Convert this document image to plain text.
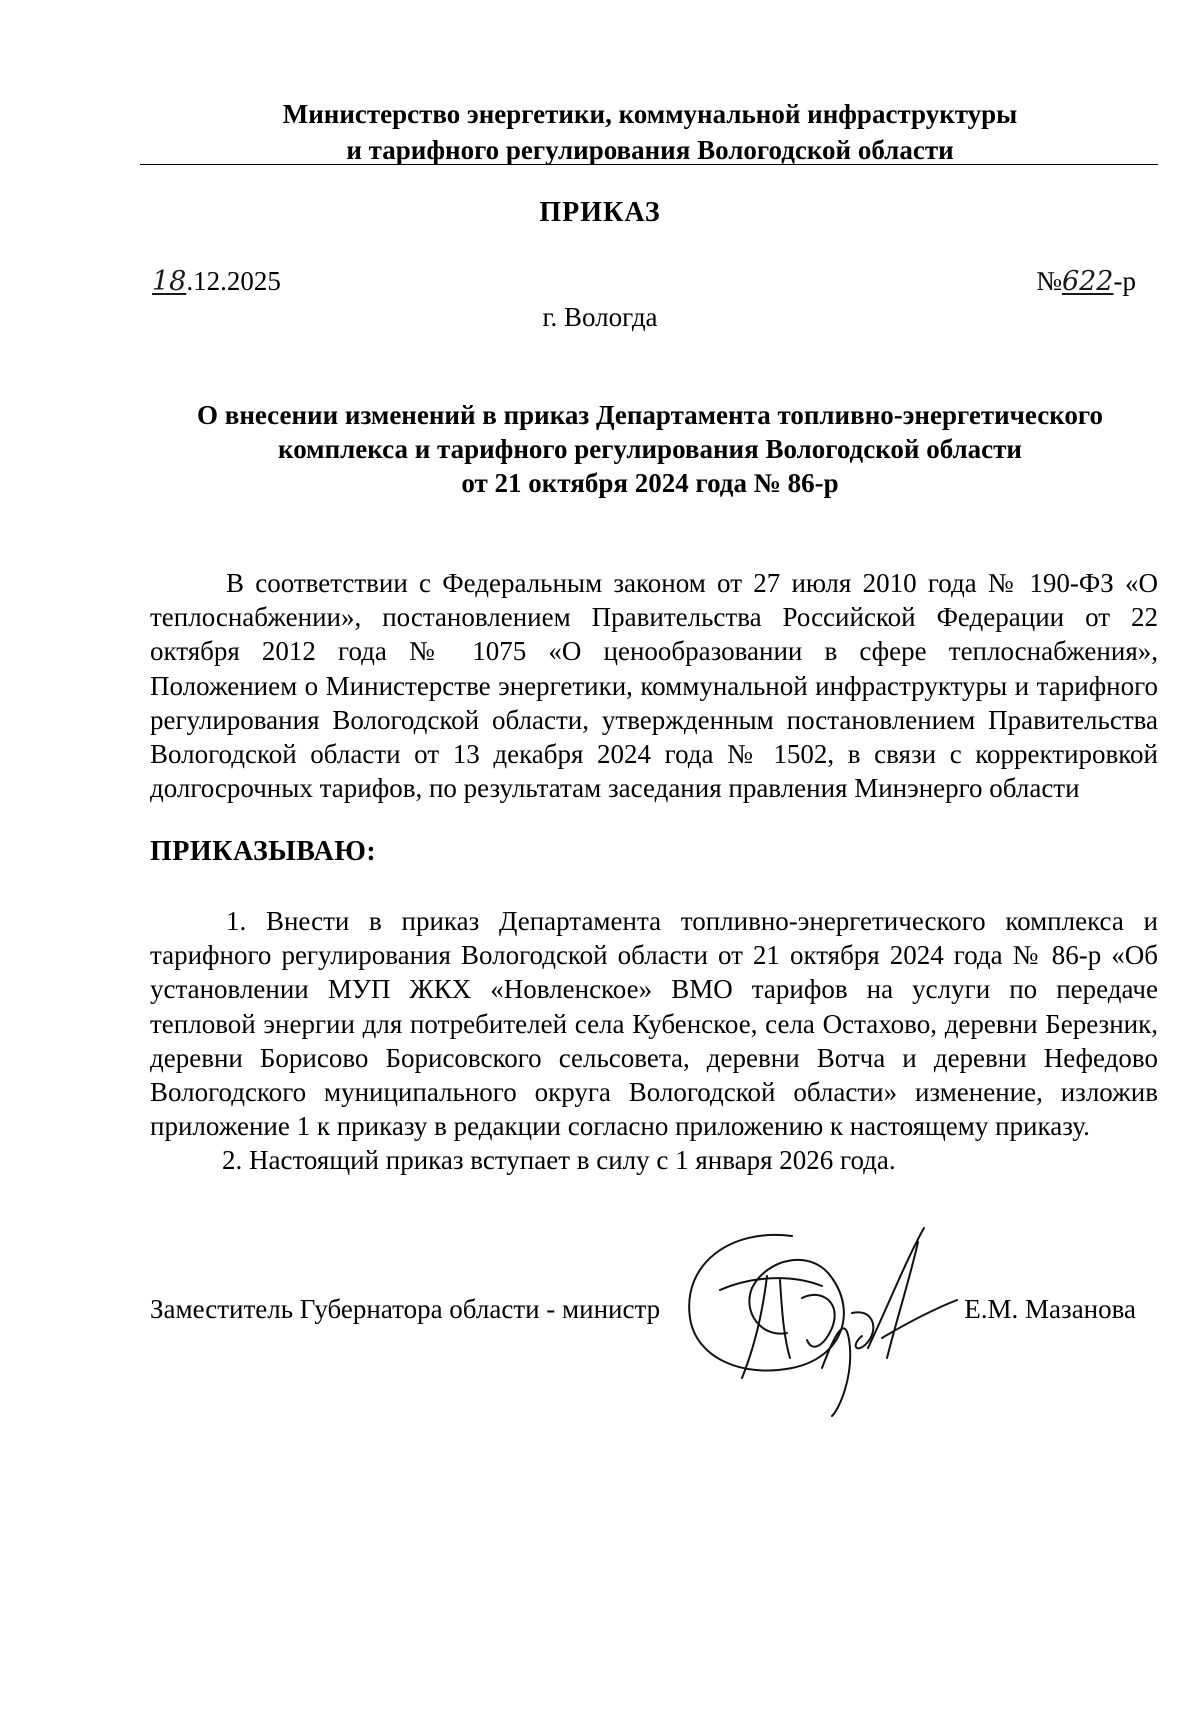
Министерство энергетики, коммунальной инфраструктуры
и тарифного регулирования Вологодской области
ПРИКАЗ
18.12.2025	№622-р
г. Вологда
О внесении изменений в приказ Департамента топливно-энергетического
комплекса и тарифного регулирования Вологодской области
от 21 октября 2024 года № 86-р

В соответствии с Федеральным законом от 27 июля 2010 года № 190-ФЗ «О теплоснабжении», постановлением Правительства Российской Федерации от 22 октября 2012 года № 1075 «О ценообразовании в сфере теплоснабжения», Положением о Министерстве энергетики, коммунальной инфраструктуры и тарифного регулирования Вологодской области, утвержденным постановлением Правительства Вологодской области от 13 декабря 2024 года № 1502, в связи с корректировкой долгосрочных тарифов, по результатам заседания правления Минэнерго области

ПРИКАЗЫВАЮ:

1. Внести в приказ Департамента топливно-энергетического комплекса и тарифного регулирования Вологодской области от 21 октября 2024 года № 86-р «Об установлении МУП ЖКХ «Новленское» ВМО тарифов на услуги по передаче тепловой энергии для потребителей села Кубенское, села Остахово, деревни Березник, деревни Борисово Борисовского сельсовета, деревни Вотча и деревни Нефедово Вологодского муниципального округа Вологодской области» изменение, изложив приложение 1 к приказу в редакции согласно приложению к настоящему приказу.

2. Настоящий приказ вступает в силу с 1 января 2026 года.

Заместитель Губернатора области - министр	Е.М. Мазанова
